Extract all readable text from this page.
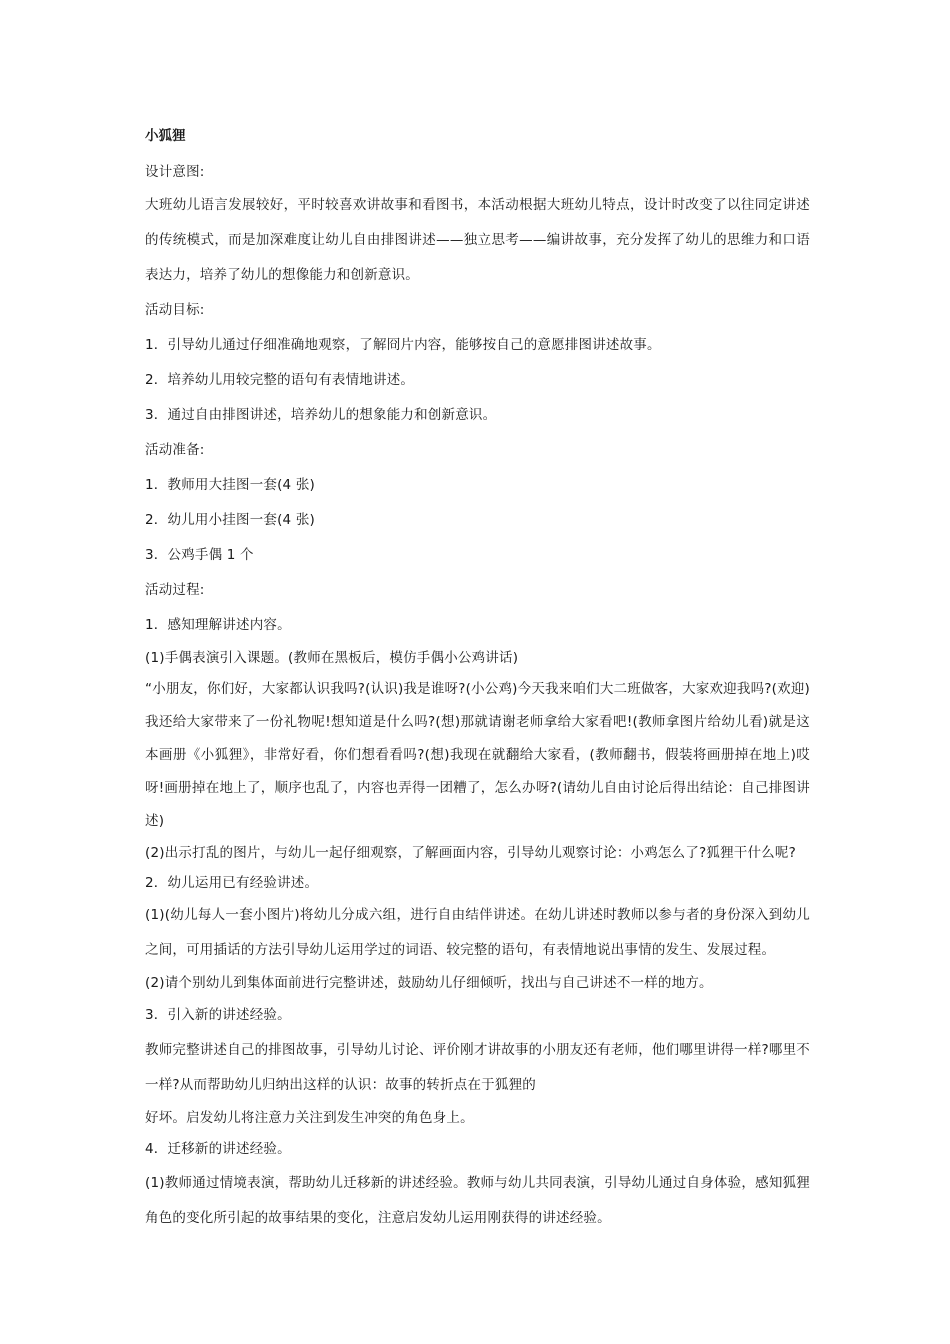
小狐狸

设计意图:

大班幼儿语言发展较好，平时较喜欢讲故事和看图书，本活动根据大班幼儿特点，设计时改变了以往同定讲述的传统模式，而是加深难度让幼儿自由排图讲述——独立思考——编讲故事，充分发挥了幼儿的思维力和口语表达力，培养了幼儿的想像能力和创新意识。

活动目标:

1．引导幼儿通过仔细准确地观察，了解冏片内容，能够按自己的意愿排图讲述故事。

2．培养幼儿用较完整的语句有表情地讲述。

3．通过自由排图讲述，培养幼儿的想象能力和创新意识。

活动准备:

1．教师用大挂图一套(4 张)

2．幼儿用小挂图一套(4 张)

3．公鸡手偶 1 个

活动过程:

1．感知理解讲述内容。

(1)手偶表演引入课题。(教师在黑板后，模仿手偶小公鸡讲话)

“小朋友，你们好，大家都认识我吗?(认识)我是谁呀?(小公鸡)今天我来咱们大二班做客，大家欢迎我吗?(欢迎)我还给大家带来了一份礼物呢!想知道是什么吗?(想)那就请谢老师拿给大家看吧!(教师拿图片给幼儿看)就是这本画册《小狐狸》，非常好看，你们想看看吗?(想)我现在就翻给大家看，(教师翻书，假装将画册掉在地上)哎呀!画册掉在地上了，顺序也乱了，内容也弄得一团糟了，怎么办呀?(请幼儿自由讨论后得出结论：自己排图讲述)

(2)出示打乱的图片，与幼儿一起仔细观察，了解画面内容，引导幼儿观察讨论：小鸡怎么了?狐狸干什么呢?

2．幼儿运用已有经验讲述。

(1)(幼儿每人一套小图片)将幼儿分成六组，进行自由结伴讲述。在幼儿讲述时教师以参与者的身份深入到幼儿之间，可用插话的方法引导幼儿运用学过的词语、较完整的语句，有表情地说出事情的发生、发展过程。

(2)请个别幼儿到集体面前进行完整讲述，鼓励幼儿仔细倾听，找出与自己讲述不一样的地方。

3．引入新的讲述经验。

教师完整讲述自己的排图故事，引导幼儿讨论、评价刚才讲故事的小朋友还有老师，他们哪里讲得一样?哪里不一样?从而帮助幼儿归纳出这样的认识：故事的转折点在于狐狸的

好坏。启发幼儿将注意力关注到发生冲突的角色身上。

4．迁移新的讲述经验。

(1)教师通过情境表演，帮助幼儿迁移新的讲述经验。教师与幼儿共同表演，引导幼儿通过自身体验，感知狐狸角色的变化所引起的故事结果的变化，注意启发幼儿运用刚获得的讲述经验。
